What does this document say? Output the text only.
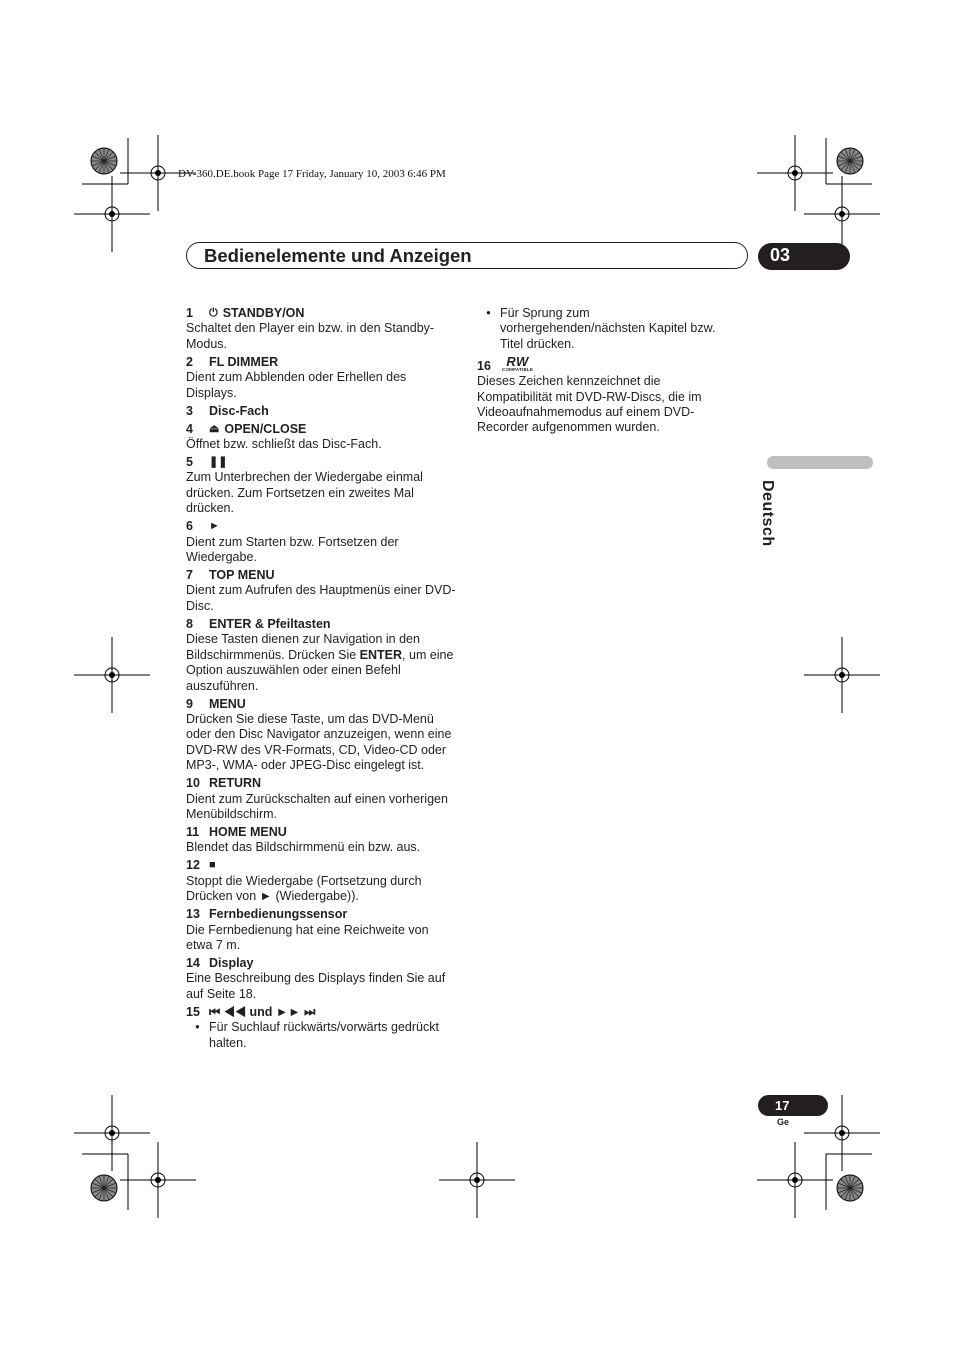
DV-360.DE.book Page 17 Friday, January 10, 2003 6:46 PM
Bedienelemente und Anzeigen	03
1	⏻ STANDBY/ON
Schaltet den Player ein bzw. in den Standby-Modus.
2	FL DIMMER
Dient zum Abblenden oder Erhellen des Displays.
3	Disc-Fach
4	⏏ OPEN/CLOSE
Öffnet bzw. schließt das Disc-Fach.
5	❚❚
Zum Unterbrechen der Wiedergabe einmal drücken. Zum Fortsetzen ein zweites Mal drücken.
6	►
Dient zum Starten bzw. Fortsetzen der Wiedergabe.
7	TOP MENU
Dient zum Aufrufen des Hauptmenüs einer DVD-Disc.
8	ENTER & Pfeiltasten
Diese Tasten dienen zur Navigation in den Bildschirmmenüs. Drücken Sie ENTER, um eine Option auszuwählen oder einen Befehl auszuführen.
9	MENU
Drücken Sie diese Taste, um das DVD-Menü oder den Disc Navigator anzuzeigen, wenn eine DVD-RW des VR-Formats, CD, Video-CD oder MP3-, WMA- oder JPEG-Disc eingelegt ist.
10 RETURN
Dient zum Zurückschalten auf einen vorherigen Menübildschirm.
11 HOME MENU
Blendet das Bildschirmmenü ein bzw. aus.
12 ■
Stoppt die Wiedergabe (Fortsetzung durch Drücken von ► (Wiedergabe)).
13 Fernbedienungssensor
Die Fernbedienung hat eine Reichweite von etwa 7 m.
14 Display
Eine Beschreibung des Displays finden Sie auf auf Seite 18.
15 ⏮ ◀◀ und ►► ⏭
• Für Suchlauf rückwärts/vorwärts gedrückt halten.
• Für Sprung zum vorhergehenden/nächsten Kapitel bzw. Titel drücken.
16	RW
COMPATIBLE
Dieses Zeichen kennzeichnet die Kompatibilität mit DVD-RW-Discs, die im Videoaufnahmemodus auf einem DVD-Recorder aufgenommen wurden.
Deutsch
17
Ge
